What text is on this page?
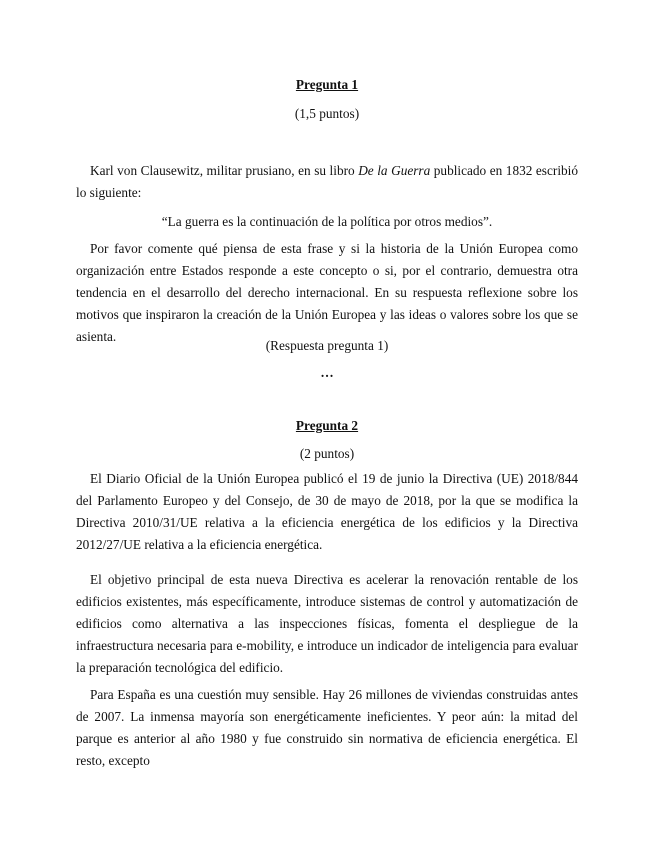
Pregunta 1
(1,5 puntos)
Karl von Clausewitz, militar prusiano, en su libro De la Guerra publicado en 1832 escribió lo siguiente:
“La guerra es la continuación de la política por otros medios”.
Por favor comente qué piensa de esta frase y si la historia de la Unión Europea como organización entre Estados responde a este concepto o si, por el contrario, demuestra otra tendencia en el desarrollo del derecho internacional. En su respuesta reflexione sobre los motivos que inspiraron la creación de la Unión Europea y las ideas o valores sobre los que se asienta.
(Respuesta pregunta 1)
…
Pregunta 2
(2 puntos)
El Diario Oficial de la Unión Europea publicó el 19 de junio la Directiva (UE) 2018/844 del Parlamento Europeo y del Consejo, de 30 de mayo de 2018, por la que se modifica la Directiva 2010/31/UE relativa a la eficiencia energética de los edificios y la Directiva 2012/27/UE relativa a la eficiencia energética.
El objetivo principal de esta nueva Directiva es acelerar la renovación rentable de los edificios existentes, más específicamente, introduce sistemas de control y automatización de edificios como alternativa a las inspecciones físicas, fomenta el despliegue de la infraestructura necesaria para e-mobility, e introduce un indicador de inteligencia para evaluar la preparación tecnológica del edificio.
Para España es una cuestión muy sensible. Hay 26 millones de viviendas construidas antes de 2007. La inmensa mayoría son energéticamente ineficientes. Y peor aún: la mitad del parque es anterior al año 1980 y fue construido sin normativa de eficiencia energética. El resto, excepto
